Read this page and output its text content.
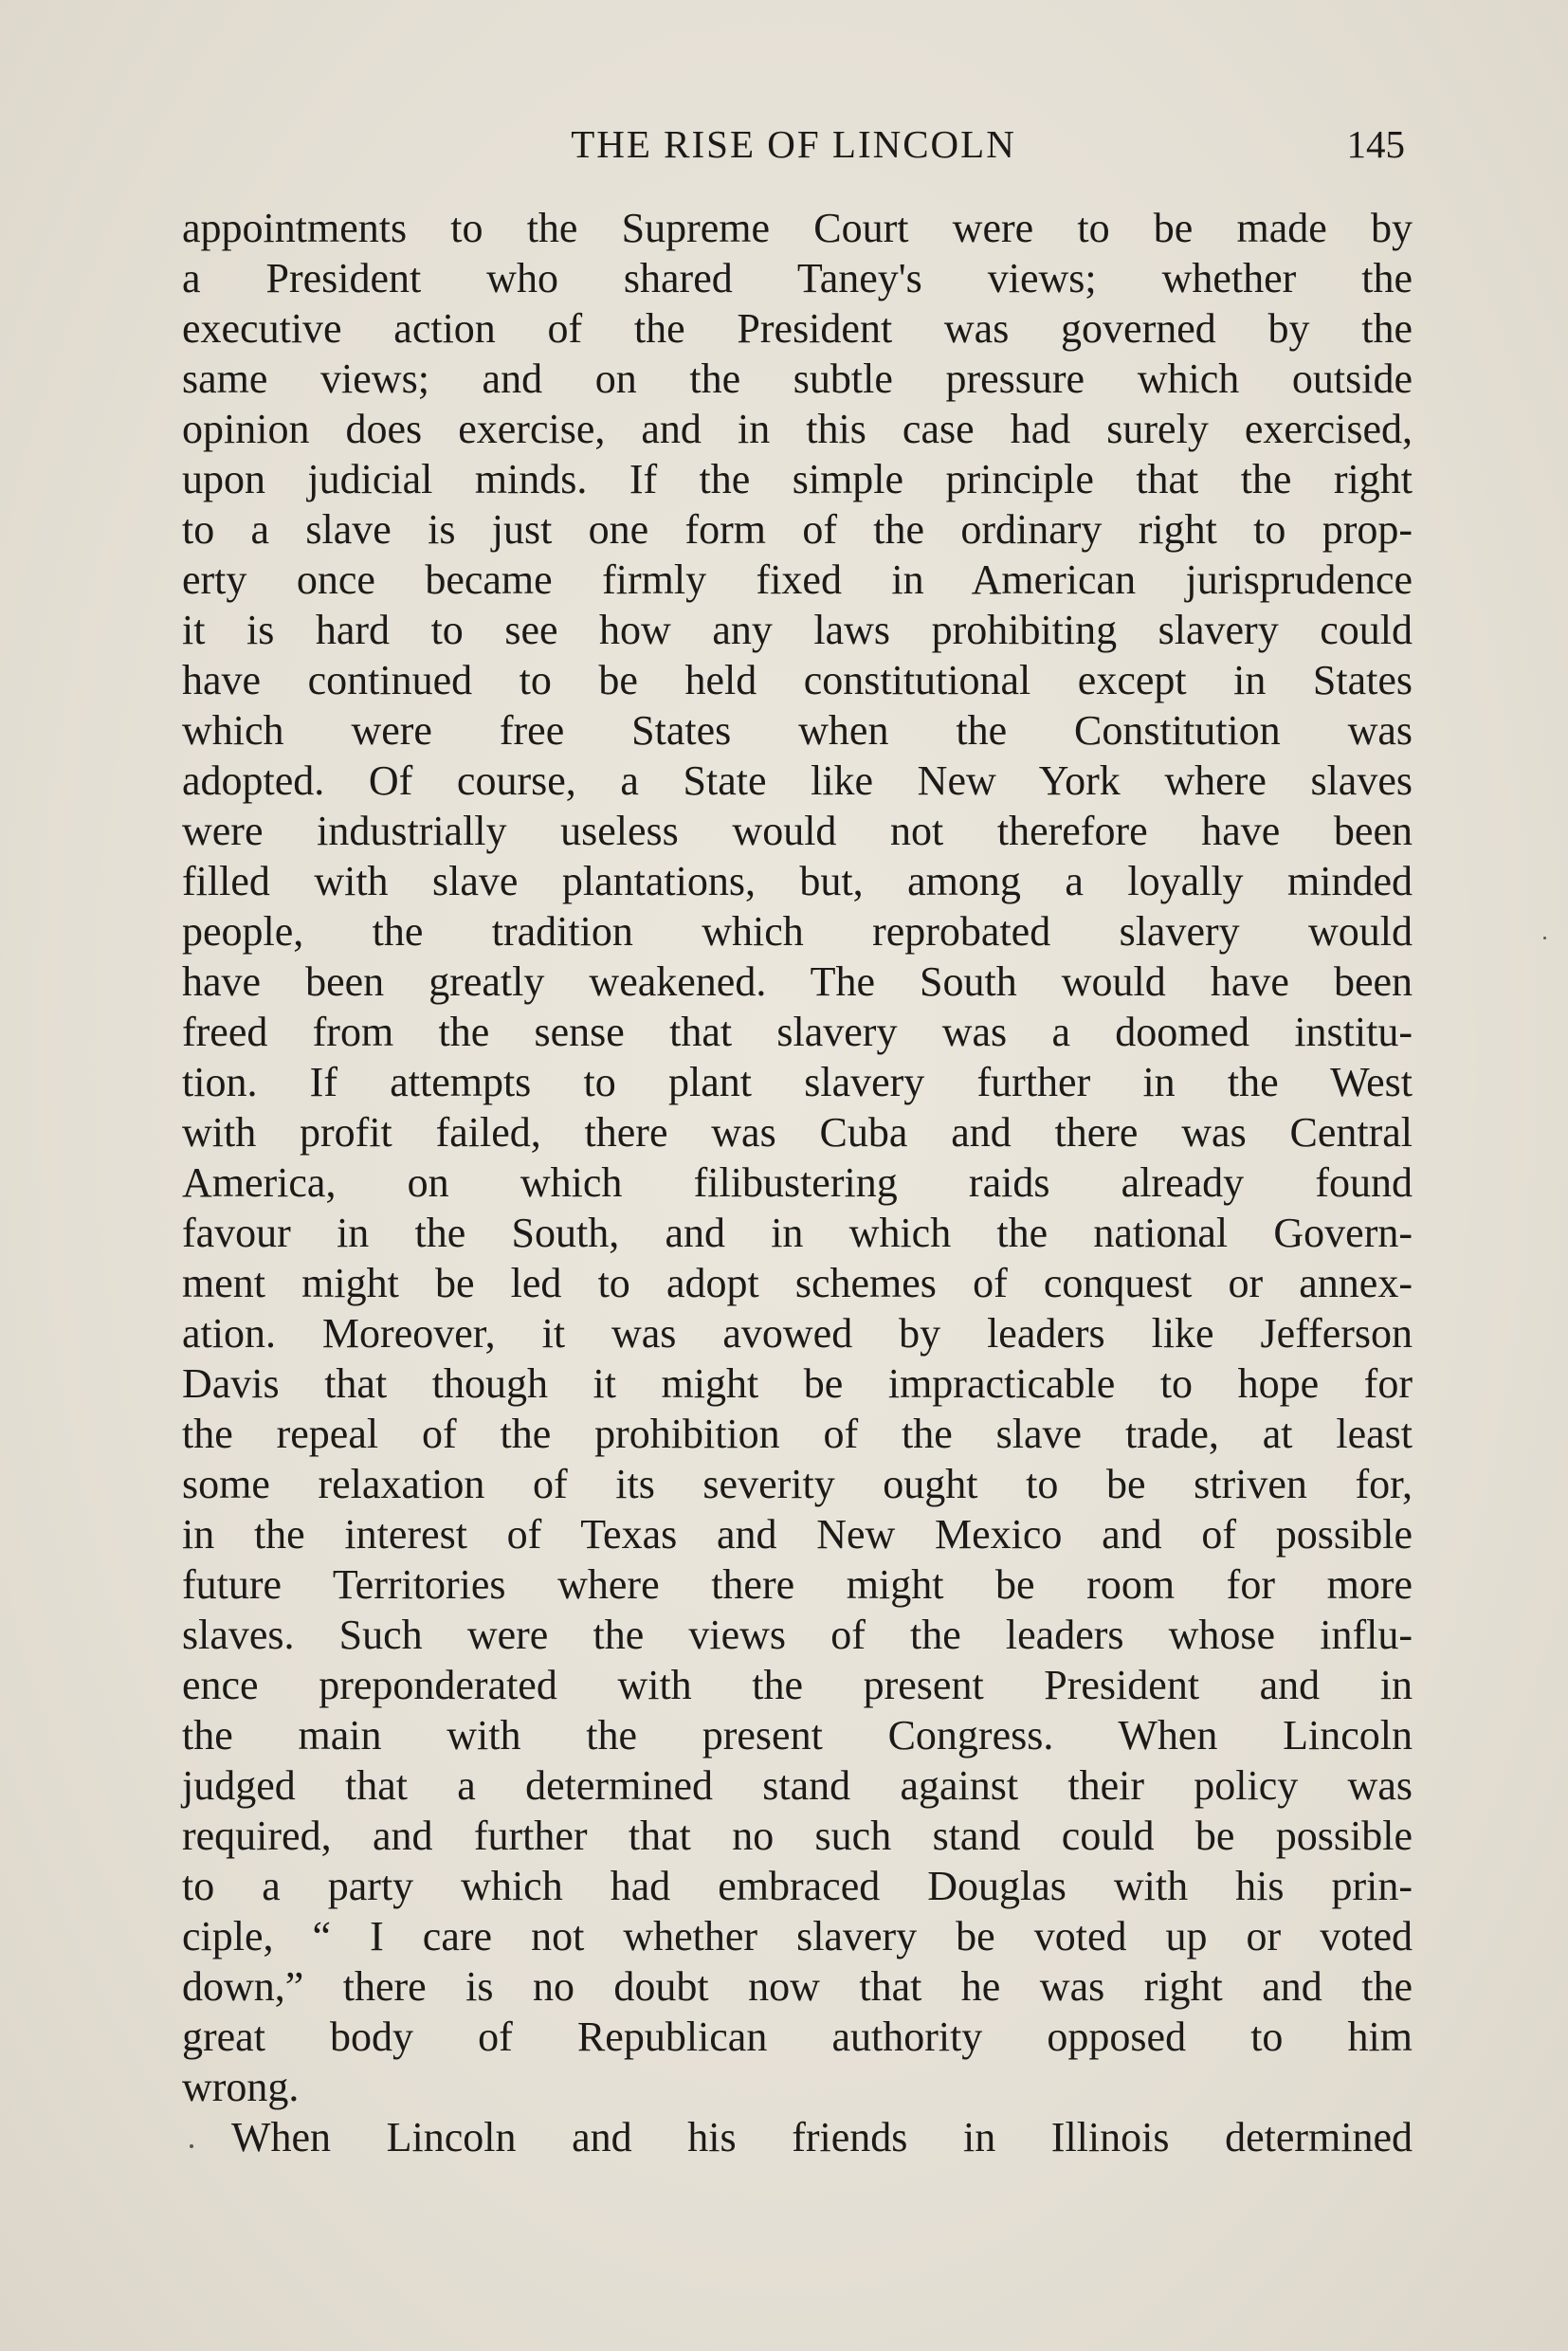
THE RISE OF LINCOLN	145
appointments to the Supreme Court were to be made by
a President who shared Taney's views; whether the
executive action of the President was governed by the
same views; and on the subtle pressure which outside
opinion does exercise, and in this case had surely exercised,
upon judicial minds. If the simple principle that the right
to a slave is just one form of the ordinary right to prop-
erty once became firmly fixed in American jurisprudence
it is hard to see how any laws prohibiting slavery could
have continued to be held constitutional except in States
which were free States when the Constitution was
adopted. Of course, a State like New York where slaves
were industrially useless would not therefore have been
filled with slave plantations, but, among a loyally minded
people, the tradition which reprobated slavery would
have been greatly weakened. The South would have been
freed from the sense that slavery was a doomed institu-
tion. If attempts to plant slavery further in the West
with profit failed, there was Cuba and there was Central
America, on which filibustering raids already found
favour in the South, and in which the national Govern-
ment might be led to adopt schemes of conquest or annex-
ation. Moreover, it was avowed by leaders like Jefferson
Davis that though it might be impracticable to hope for
the repeal of the prohibition of the slave trade, at least
some relaxation of its severity ought to be striven for,
in the interest of Texas and New Mexico and of possible
future Territories where there might be room for more
slaves. Such were the views of the leaders whose influ-
ence preponderated with the present President and in
the main with the present Congress. When Lincoln
judged that a determined stand against their policy was
required, and further that no such stand could be possible
to a party which had embraced Douglas with his prin-
ciple, “ I care not whether slavery be voted up or voted
down,” there is no doubt now that he was right and the
great body of Republican authority opposed to him
wrong.
When Lincoln and his friends in Illinois determined
